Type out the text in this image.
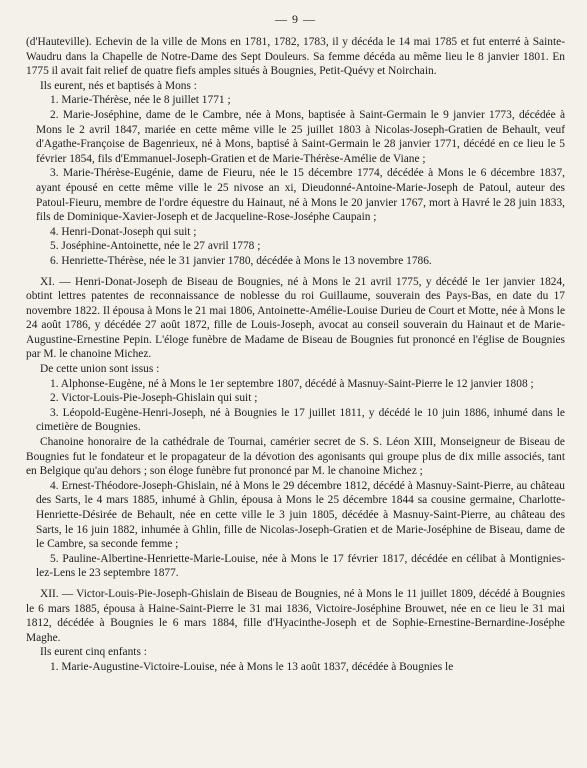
— 9 —

(d'Hauteville). Echevin de la ville de Mons en 1781, 1782, 1783, il y décéda le 14 mai 1785 et fut enterré à Sainte-Waudru dans la Chapelle de Notre-Dame des Sept Douleurs. Sa femme décéda au même lieu le 8 janvier 1801. En 1775 il avait fait relief de quatre fiefs amples situés à Bougnies, Petit-Quévy et Noirchain.

Ils eurent, nés et baptisés à Mons :

1. Marie-Thérèse, née le 8 juillet 1771 ;

2. Marie-Joséphine, dame de le Cambre, née à Mons, baptisée à Saint-Germain le 9 janvier 1773, décédée à Mons le 2 avril 1847, mariée en cette même ville le 25 juillet 1803 à Nicolas-Joseph-Gratien de Behault, veuf d'Agathe-Françoise de Bagenrieux, né à Mons, baptisé à Saint-Germain le 28 janvier 1771, décédé en ce lieu le 5 février 1854, fils d'Emmanuel-Joseph-Gratien et de Marie-Thérèse-Amélie de Viane ;

3. Marie-Thérèse-Eugénie, dame de Fieuru, née le 15 décembre 1774, décédée à Mons le 6 décembre 1837, ayant épousé en cette même ville le 25 nivose an xi, Dieudonné-Antoine-Marie-Joseph de Patoul, auteur des Patoul-Fieuru, membre de l'ordre équestre du Hainaut, né à Mons le 20 janvier 1767, mort à Havré le 28 juin 1833, fils de Dominique-Xavier-Joseph et de Jacqueline-Rose-Joséphe Caupain ;

4. Henri-Donat-Joseph qui suit ;

5. Joséphine-Antoinette, née le 27 avril 1778 ;

6. Henriette-Thérèse, née le 31 janvier 1780, décédée à Mons le 13 novembre 1786.

XI. — Henri-Donat-Joseph de Biseau de Bougnies, né à Mons le 21 avril 1775, y décédé le 1er janvier 1824, obtint lettres patentes de reconnaissance de noblesse du roi Guillaume, souverain des Pays-Bas, en date du 17 novembre 1822. Il épousa à Mons le 21 mai 1806, Antoinette-Amélie-Louise Durieu de Court et Motte, née à Mons le 24 août 1786, y décédée 27 août 1872, fille de Louis-Joseph, avocat au conseil souverain du Hainaut et de Marie-Augustine-Ernestine Pepin. L'éloge funèbre de Madame de Biseau de Bougnies fut prononcé en l'église de Bougnies par M. le chanoine Michez.

De cette union sont issus :

1. Alphonse-Eugène, né à Mons le 1er septembre 1807, décédé à Masnuy-Saint-Pierre le 12 janvier 1808 ;

2. Victor-Louis-Pie-Joseph-Ghislain qui suit ;

3. Léopold-Eugène-Henri-Joseph, né à Bougnies le 17 juillet 1811, y décédé le 10 juin 1886, inhumé dans le cimetière de Bougnies.

Chanoine honoraire de la cathédrale de Tournai, camérier secret de S. S. Léon XIII, Monseigneur de Biseau de Bougnies fut le fondateur et le propagateur de la dévotion des agonisants qui groupe plus de dix mille associés, tant en Belgique qu'au dehors ; son éloge funèbre fut prononcé par M. le chanoine Michez ;

4. Ernest-Théodore-Joseph-Ghislain, né à Mons le 29 décembre 1812, décédé à Masnuy-Saint-Pierre, au château des Sarts, le 4 mars 1885, inhumé à Ghlin, épousa à Mons le 25 décembre 1844 sa cousine germaine, Charlotte-Henriette-Désirée de Behault, née en cette ville le 3 juin 1805, décédée à Masnuy-Saint-Pierre, au château des Sarts, le 16 juin 1882, inhumée à Ghlin, fille de Nicolas-Joseph-Gratien et de Marie-Joséphine de Biseau, dame de le Cambre, sa seconde femme ;

5. Pauline-Albertine-Henriette-Marie-Louise, née à Mons le 17 février 1817, décédée en célibat à Montignies-lez-Lens le 23 septembre 1877.

XII. — Victor-Louis-Pie-Joseph-Ghislain de Biseau de Bougnies, né à Mons le 11 juillet 1809, décédé à Bougnies le 6 mars 1885, épousa à Haine-Saint-Pierre le 31 mai 1836, Victoire-Joséphine Brouwet, née en ce lieu le 31 mai 1812, décédée à Bougnies le 6 mars 1884, fille d'Hyacinthe-Joseph et de Sophie-Ernestine-Bernardine-Joséphe Maghe.

Ils eurent cinq enfants :

1. Marie-Augustine-Victoire-Louise, née à Mons le 13 août 1837, décédée à Bougnies le
